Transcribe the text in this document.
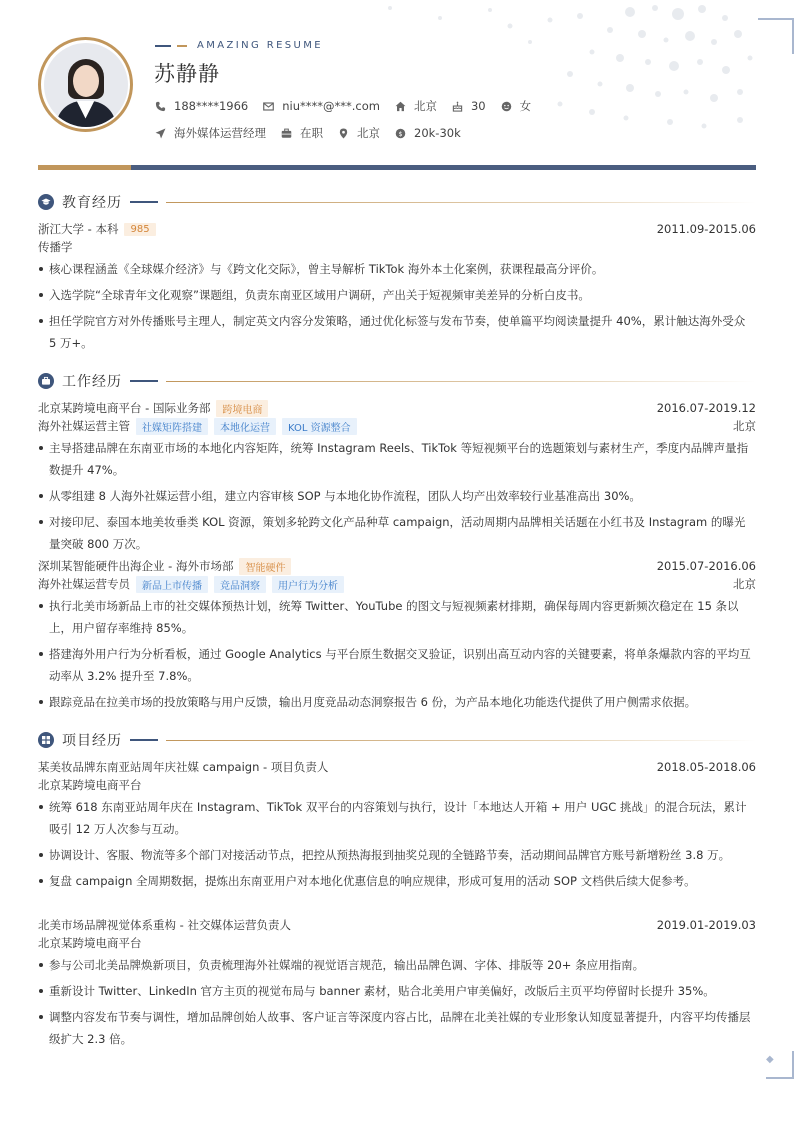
◆
AMAZING RESUME
苏静静
188****1966	niu****@***.com	北京	30	女
海外媒体运营经理	在职	北京	$ 20k-30k
教育经历
浙江大学 - 本科	985	2011.09-2015.06
传播学
核心课程涵盖《全球媒介经济》与《跨文化交际》，曾主导解析 TikTok 海外本土化案例，获课程最高分评价。
入选学院“全球青年文化观察”课题组，负责东南亚区域用户调研，产出关于短视频审美差异的分析白皮书。
担任学院官方对外传播账号主理人，制定英文内容分发策略，通过优化标签与发布节奏，使单篇平均阅读量提升 40%，累计触达海外受众 5 万+。
工作经历
北京某跨境电商平台 - 国际业务部	跨境电商	2016.07-2019.12
海外社媒运营主管	社媒矩阵搭建	本地化运营	KOL 资源整合	北京
主导搭建品牌在东南亚市场的本地化内容矩阵，统筹 Instagram Reels、TikTok 等短视频平台的选题策划与素材生产，季度内品牌声量指数提升 47%。
从零组建 8 人海外社媒运营小组，建立内容审核 SOP 与本地化协作流程，团队人均产出效率较行业基准高出 30%。
对接印尼、泰国本地美妆垂类 KOL 资源，策划多轮跨文化产品种草 campaign，活动周期内品牌相关话题在小红书及 Instagram 的曝光量突破 800 万次。
深圳某智能硬件出海企业 - 海外市场部	智能硬件	2015.07-2016.06
海外社媒运营专员	新品上市传播	竞品洞察	用户行为分析	北京
执行北美市场新品上市的社交媒体预热计划，统筹 Twitter、YouTube 的图文与短视频素材排期，确保每周内容更新频次稳定在 15 条以上，用户留存率维持 85%。
搭建海外用户行为分析看板，通过 Google Analytics 与平台原生数据交叉验证，识别出高互动内容的关键要素，将单条爆款内容的平均互动率从 3.2% 提升至 7.8%。
跟踪竞品在拉美市场的投放策略与用户反馈，输出月度竞品动态洞察报告 6 份，为产品本地化功能迭代提供了用户侧需求依据。
项目经历
某美妆品牌东南亚站周年庆社媒 campaign - 项目负责人	2018.05-2018.06
北京某跨境电商平台
统筹 618 东南亚站周年庆在 Instagram、TikTok 双平台的内容策划与执行，设计「本地达人开箱 + 用户 UGC 挑战」的混合玩法，累计吸引 12 万人次参与互动。
协调设计、客服、物流等多个部门对接活动节点，把控从预热海报到抽奖兑现的全链路节奏，活动期间品牌官方账号新增粉丝 3.8 万。
复盘 campaign 全周期数据，提炼出东南亚用户对本地化优惠信息的响应规律，形成可复用的活动 SOP 文档供后续大促参考。
北美市场品牌视觉体系重构 - 社交媒体运营负责人	2019.01-2019.03
北京某跨境电商平台
参与公司北美品牌焕新项目，负责梳理海外社媒端的视觉语言规范，输出品牌色调、字体、排版等 20+ 条应用指南。
重新设计 Twitter、LinkedIn 官方主页的视觉布局与 banner 素材，贴合北美用户审美偏好，改版后主页平均停留时长提升 35%。
调整内容发布节奏与调性，增加品牌创始人故事、客户证言等深度内容占比，品牌在北美社媒的专业形象认知度显著提升，内容平均传播层级扩大 2.3 倍。
